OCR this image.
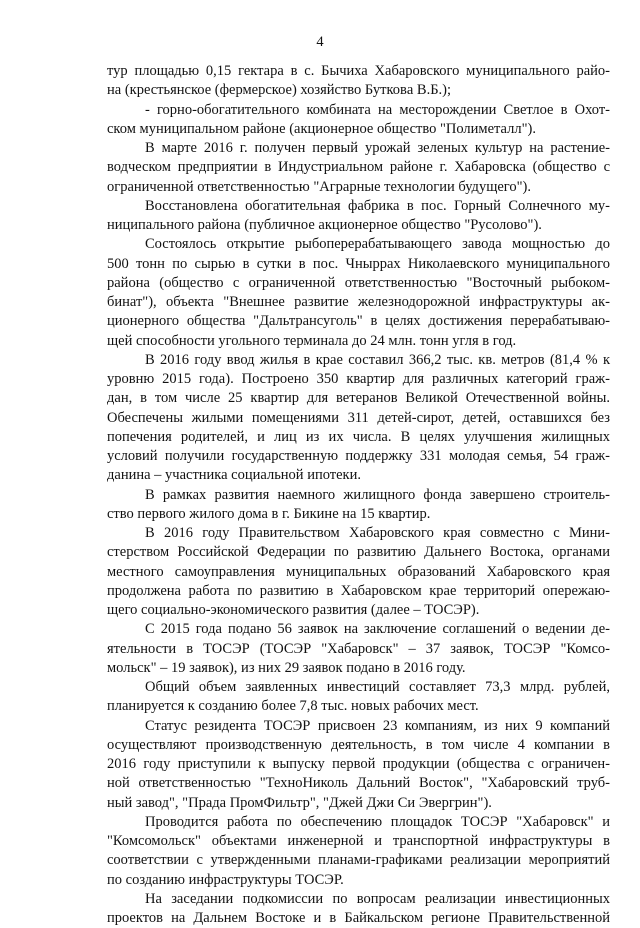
4
тур площадью 0,15 гектара в с. Бычиха Хабаровского муниципального райо-
на (крестьянское (фермерское) хозяйство Бутковa В.Б.);
- горно-обогатительного комбината на месторождении Светлое в Охот-
ском муниципальном районе (акционерное общество "Полиметалл").
В марте 2016 г. получен первый урожай зеленых культур на растение-
водческом предприятии в Индустриальном районе г. Хабаровска (общество с
ограниченной ответственностью "Аграрные технологии будущего").
Восстановлена обогатительная фабрика в пос. Горный Солнечного му-
ниципального района (публичное акционерное общество "Русолово").
Состоялось открытие рыбоперерабатывающего завода мощностью до
500 тонн по сырью в сутки в пос. Чныррах Николаевского муниципального
района (общество с ограниченной ответственностью "Восточный рыбоком-
бинат"), объекта "Внешнее развитие железнодорожной инфраструктуры ак-
ционерного общества "Дальтрансуголь" в целях достижения перерабатываю-
щей способности угольного терминала до 24 млн. тонн угля в год.
В 2016 году ввод жилья в крае составил 366,2 тыс. кв. метров (81,4 % к
уровню 2015 года). Построено 350 квартир для различных категорий граж-
дан, в том числе 25 квартир для ветеранов Великой Отечественной войны.
Обеспечены жилыми помещениями 311 детей-сирот, детей, оставшихся без
попечения родителей, и лиц из их числа. В целях улучшения жилищных
условий получили государственную поддержку 331 молодая семья, 54 граж-
данина – участника социальной ипотеки.
В рамках развития наемного жилищного фонда завершено строитель-
ство первого жилого дома в г. Бикине на 15 квартир.
В 2016 году Правительством Хабаровского края совместно с Мини-
стерством Российской Федерации по развитию Дальнего Востока, органами
местного самоуправления муниципальных образований Хабаровского края
продолжена работа по развитию в Хабаровском крае территорий опережаю-
щего социально-экономического развития (далее – ТОСЭР).
С 2015 года подано 56 заявок на заключение соглашений о ведении де-
ятельности в ТОСЭР (ТОСЭР "Хабаровск" – 37 заявок, ТОСЭР "Комсо-
мольск" – 19 заявок), из них 29 заявок подано в 2016 году.
Общий объем заявленных инвестиций составляет 73,3 млрд. рублей,
планируется к созданию более 7,8 тыс. новых рабочих мест.
Статус резидента ТОСЭР присвоен 23 компаниям, из них 9 компаний
осуществляют производственную деятельность, в том числе 4 компании в
2016 году приступили к выпуску первой продукции (общества с ограничен-
ной ответственностью "ТехноНиколь Дальний Восток", "Хабаровский труб-
ный завод", "Прада ПромФильтр", "Джей Джи Си Эвергрин").
Проводится работа по обеспечению площадок ТОСЭР "Хабаровск" и
"Комсомольск" объектами инженерной и транспортной инфраструктуры в
соответствии с утвержденными планами-графиками реализации мероприятий
по созданию инфраструктуры ТОСЭР.
На заседании подкомиссии по вопросам реализации инвестиционных
проектов на Дальнем Востоке и в Байкальском регионе Правительственной
